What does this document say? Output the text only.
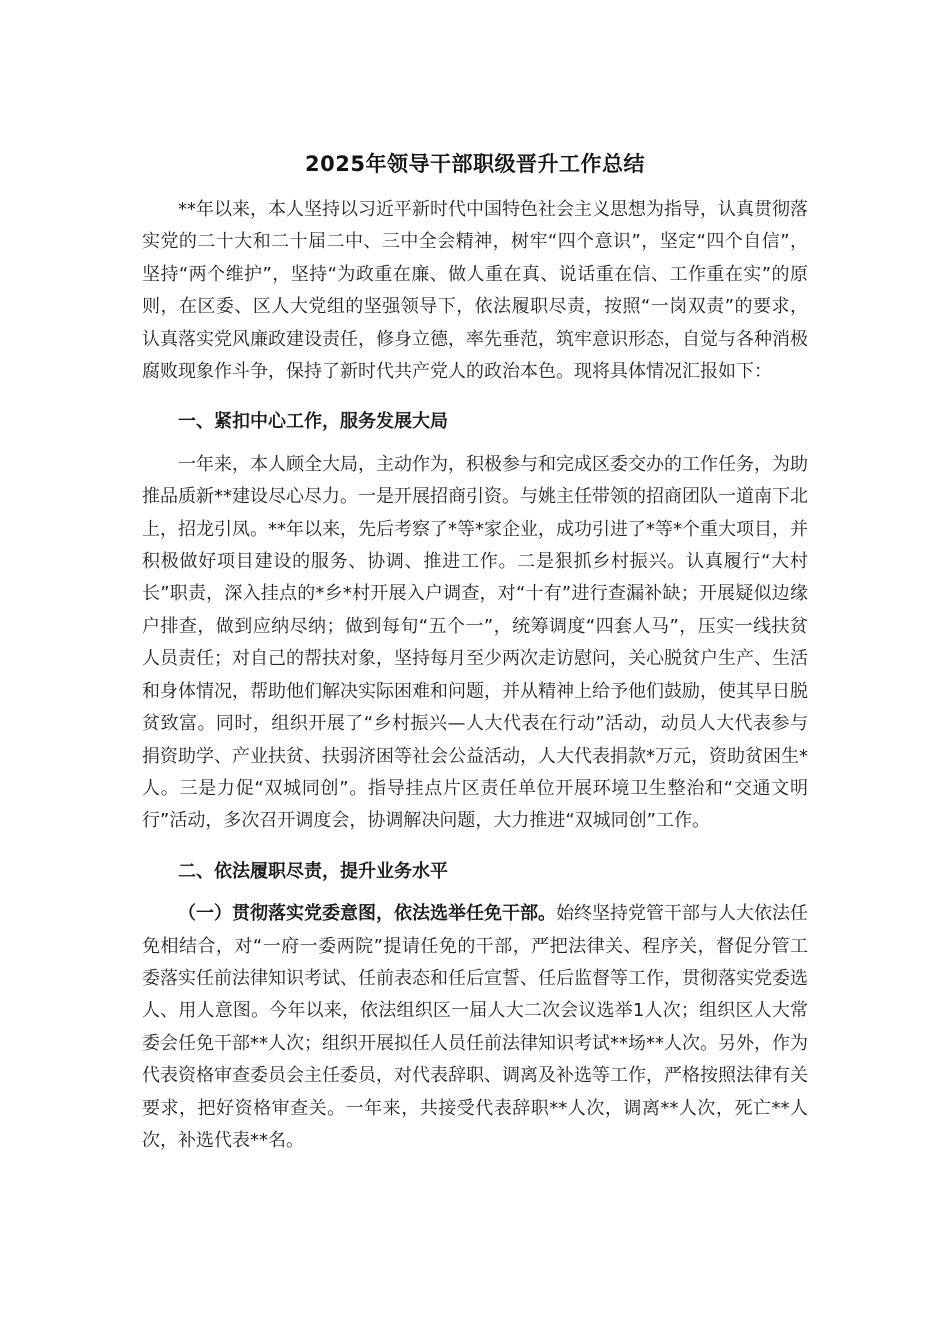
2025年领导干部职级晋升工作总结

**年以来，本人坚持以习近平新时代中国特色社会主义思想为指导，认真贯彻落实党的二十大和二十届二中、三中全会精神，树牢“四个意识”，坚定“四个自信”，坚持“两个维护”，坚持“为政重在廉、做人重在真、说话重在信、工作重在实”的原则，在区委、区人大党组的坚强领导下，依法履职尽责，按照“一岗双责”的要求，认真落实党风廉政建设责任，修身立德，率先垂范，筑牢意识形态，自觉与各种消极腐败现象作斗争，保持了新时代共产党人的政治本色。现将具体情况汇报如下：

一、紧扣中心工作，服务发展大局

一年来，本人顾全大局，主动作为，积极参与和完成区委交办的工作任务，为助推品质新**建设尽心尽力。一是开展招商引资。与姚主任带领的招商团队一道南下北上，招龙引凤。**年以来，先后考察了*等*家企业，成功引进了*等*个重大项目，并积极做好项目建设的服务、协调、推进工作。二是狠抓乡村振兴。认真履行“大村长”职责，深入挂点的*乡*村开展入户调查，对“十有”进行查漏补缺；开展疑似边缘户排查，做到应纳尽纳；做到每旬“五个一”，统筹调度“四套人马”，压实一线扶贫人员责任；对自己的帮扶对象，坚持每月至少两次走访慰问，关心脱贫户生产、生活和身体情况，帮助他们解决实际困难和问题，并从精神上给予他们鼓励，使其早日脱贫致富。同时，组织开展了“乡村振兴—人大代表在行动”活动，动员人大代表参与捐资助学、产业扶贫、扶弱济困等社会公益活动，人大代表捐款*万元，资助贫困生*人。三是力促“双城同创”。指导挂点片区责任单位开展环境卫生整治和“交通文明行”活动，多次召开调度会，协调解决问题，大力推进“双城同创”工作。

二、依法履职尽责，提升业务水平

（一）贯彻落实党委意图，依法选举任免干部。始终坚持党管干部与人大依法任免相结合，对“一府一委两院”提请任免的干部，严把法律关、程序关，督促分管工委落实任前法律知识考试、任前表态和任后宣誓、任后监督等工作，贯彻落实党委选人、用人意图。今年以来，依法组织区一届人大二次会议选举1人次；组织区人大常委会任免干部**人次；组织开展拟任人员任前法律知识考试**场**人次。另外，作为代表资格审查委员会主任委员，对代表辞职、调离及补选等工作，严格按照法律有关要求，把好资格审查关。一年来，共接受代表辞职**人次，调离**人次，死亡**人次，补选代表**名。
